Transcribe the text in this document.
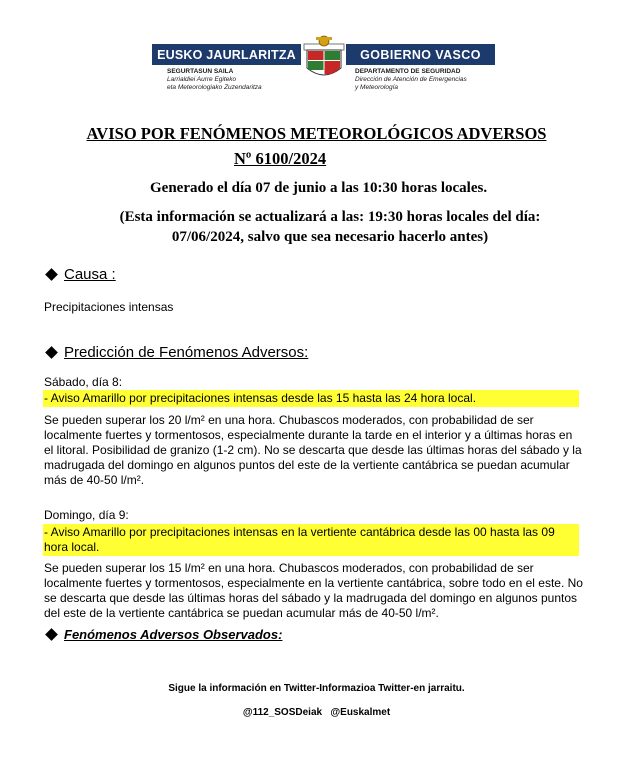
EUSKO JAURLARITZA
SEGURTASUN SAILA
Larrialdiei Aurre Egiteko
eta Meteorologiako Zuzendaritza
GOBIERNO VASCO
DEPARTAMENTO DE SEGURIDAD
Dirección de Atención de Emergencias
y Meteorología
AVISO POR FENÓMENOS METEOROLÓGICOS ADVERSOS
Nº 6100/2024
Generado el día 07 de junio a las 10:30 horas locales.
(Esta información se actualizará a las: 19:30 horas locales del día: 07/06/2024, salvo que sea necesario hacerlo antes)
Causa :
Precipitaciones intensas
Predicción de Fenómenos Adversos:
Sábado, día 8:
- Aviso Amarillo por precipitaciones intensas desde las 15 hasta las 24 hora local.
Se pueden superar los 20 l/m² en una hora. Chubascos moderados, con probabilidad de ser localmente fuertes y tormentosos, especialmente durante la tarde en el interior y a últimas horas en el litoral. Posibilidad de granizo (1-2 cm). No se descarta que desde las últimas horas del sábado y la madrugada del domingo en algunos puntos del este de la vertiente cantábrica se puedan acumular más de 40-50 l/m².
Domingo, día 9:
- Aviso Amarillo por precipitaciones intensas en la vertiente cantábrica desde las 00 hasta las 09 hora local.
Se pueden superar los 15 l/m² en una hora. Chubascos moderados, con probabilidad de ser localmente fuertes y tormentosos, especialmente en la vertiente cantábrica, sobre todo en el este. No se descarta que desde las últimas horas del sábado y la madrugada del domingo en algunos puntos del este de la vertiente cantábrica se puedan acumular más de 40-50 l/m².
Fenómenos Adversos Observados:
Sigue la información en Twitter-Informazioa Twitter-en jarraitu.
@112_SOSDeiak   @Euskalmet
